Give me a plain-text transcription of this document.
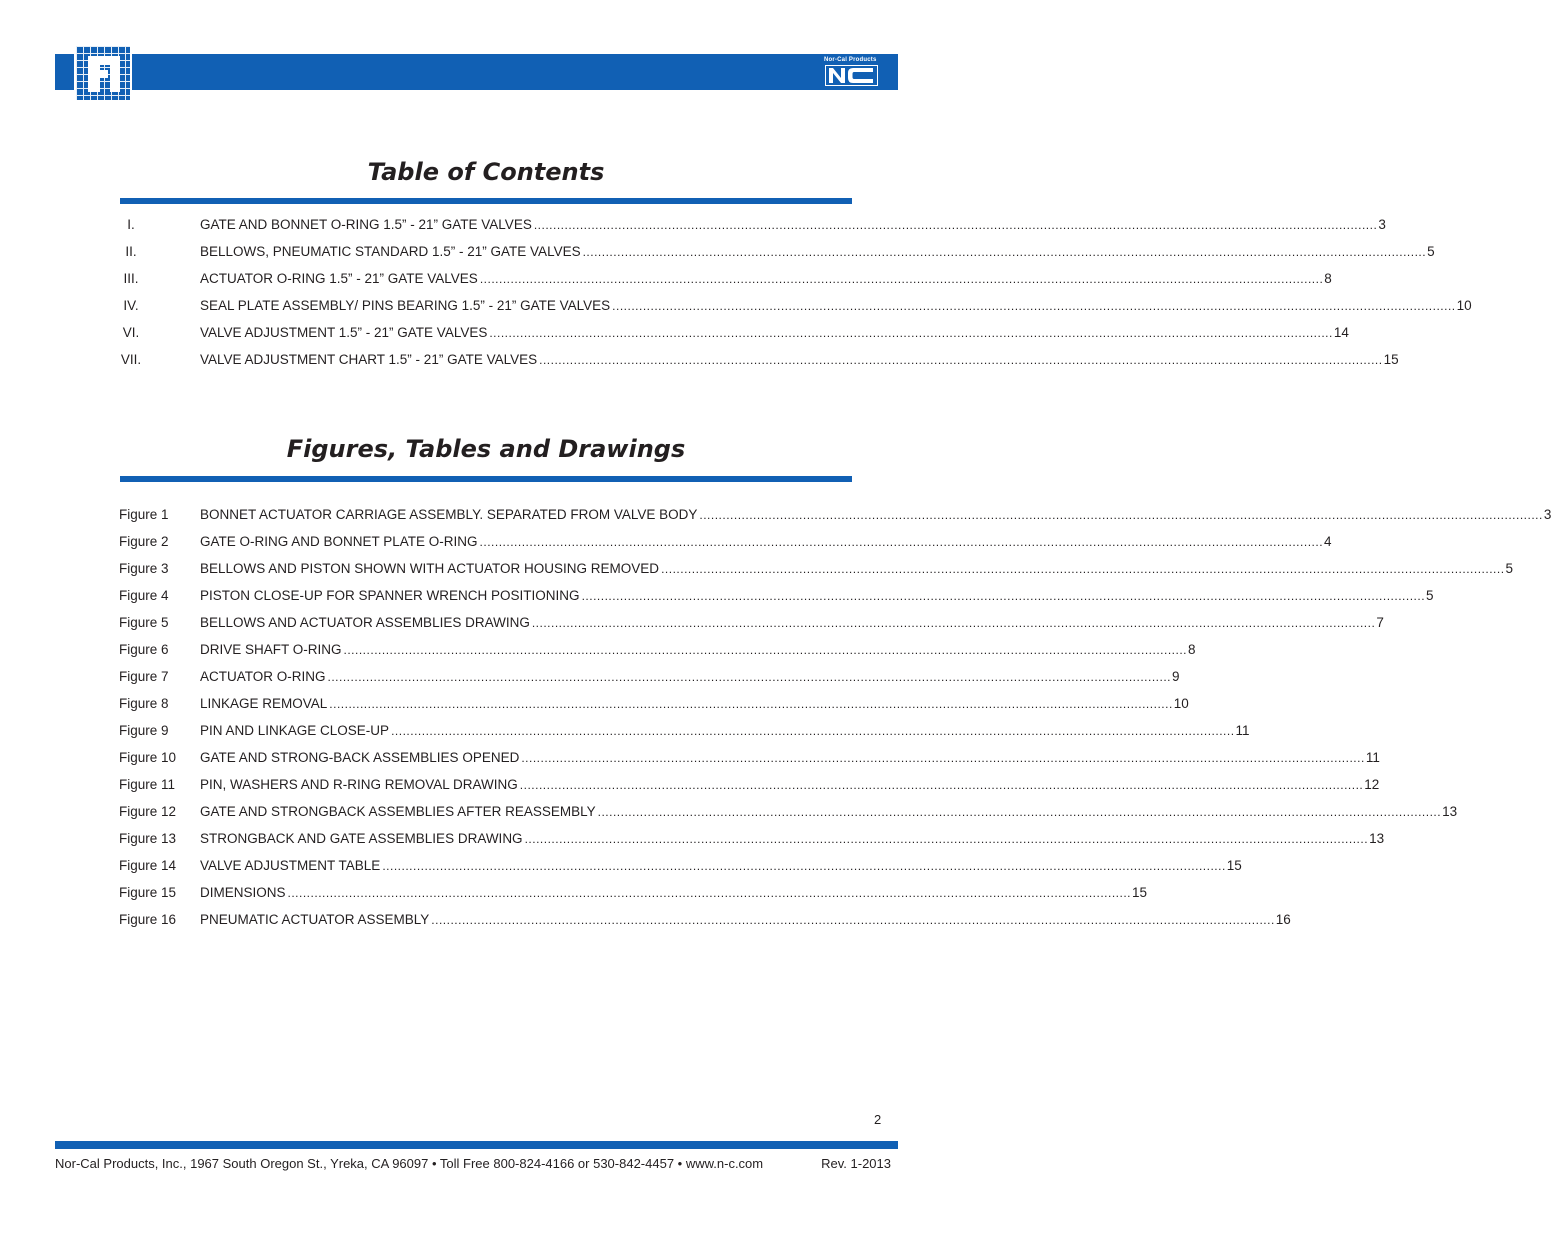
Nor-Cal Products
Table of Contents
I.	GATE AND BONNET O-RING 1.5” - 21” GATE VALVES ............................................................................................................................................................................................................................ 3
II.	BELLOWS, PNEUMATIC STANDARD 1.5” - 21” GATE VALVES ............................................................................................................................................................................................................................ 5
III.	ACTUATOR O-RING 1.5” - 21” GATE VALVES ............................................................................................................................................................................................................................ 8
IV.	SEAL PLATE ASSEMBLY/ PINS BEARING 1.5” - 21” GATE VALVES ............................................................................................................................................................................................................................ 10
VI.	VALVE ADJUSTMENT 1.5” - 21” GATE VALVES ............................................................................................................................................................................................................................ 14
VII.	VALVE ADJUSTMENT CHART 1.5” - 21” GATE VALVES ............................................................................................................................................................................................................................ 15
Figures, Tables and Drawings
Figure 1	BONNET ACTUATOR CARRIAGE ASSEMBLY. SEPARATED FROM VALVE BODY ............................................................................................................................................................................................................................ 3
Figure 2	GATE O-RING AND BONNET PLATE O-RING ............................................................................................................................................................................................................................ 4
Figure 3	BELLOWS AND PISTON SHOWN WITH ACTUATOR HOUSING REMOVED ............................................................................................................................................................................................................................ 5
Figure 4	PISTON CLOSE-UP FOR SPANNER WRENCH POSITIONING ............................................................................................................................................................................................................................ 5
Figure 5	BELLOWS AND ACTUATOR ASSEMBLIES DRAWING ............................................................................................................................................................................................................................ 7
Figure 6	DRIVE SHAFT O-RING ............................................................................................................................................................................................................................ 8
Figure 7	ACTUATOR O-RING ............................................................................................................................................................................................................................ 9
Figure 8	LINKAGE REMOVAL ............................................................................................................................................................................................................................ 10
Figure 9	PIN AND LINKAGE CLOSE-UP ............................................................................................................................................................................................................................ 11
Figure 10	GATE AND STRONG-BACK ASSEMBLIES OPENED ............................................................................................................................................................................................................................ 11
Figure 11	PIN, WASHERS AND R-RING REMOVAL DRAWING ............................................................................................................................................................................................................................ 12
Figure 12	GATE AND STRONGBACK ASSEMBLIES AFTER REASSEMBLY ............................................................................................................................................................................................................................ 13
Figure 13	STRONGBACK AND GATE ASSEMBLIES DRAWING ............................................................................................................................................................................................................................ 13
Figure 14	VALVE ADJUSTMENT TABLE ............................................................................................................................................................................................................................ 15
Figure 15	DIMENSIONS ............................................................................................................................................................................................................................ 15
Figure 16	PNEUMATIC ACTUATOR ASSEMBLY ............................................................................................................................................................................................................................ 16
2
Nor-Cal Products, Inc., 1967 South Oregon St., Yreka, CA 96097 • Toll Free 800-824-4166 or 530-842-4457 • www.n-c.com	Rev. 1-2013
